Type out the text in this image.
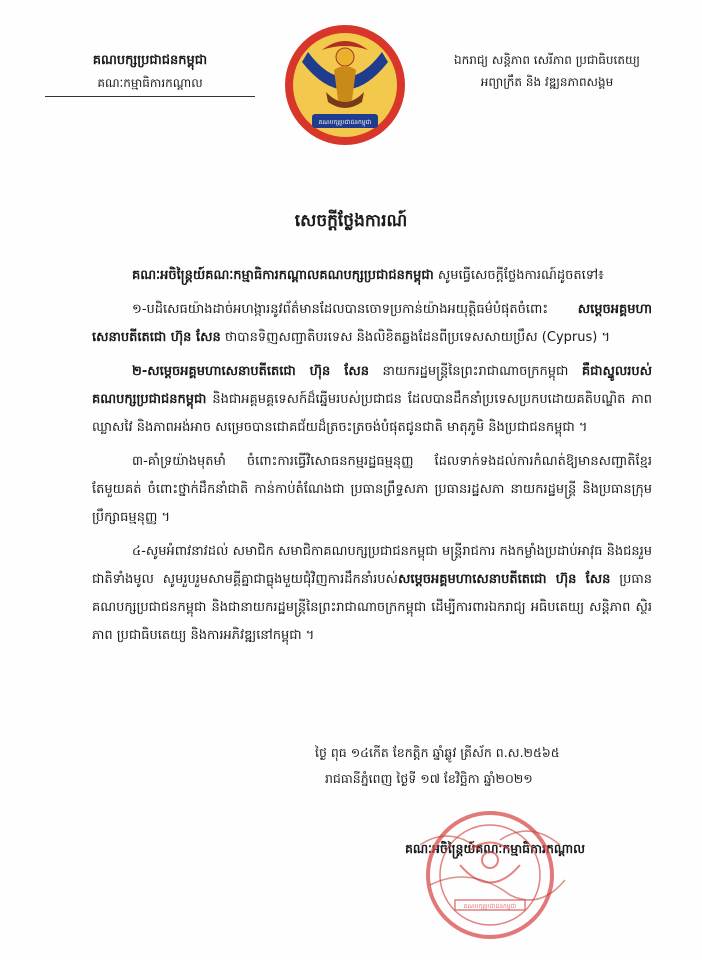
គណបក្សប្រជាជនកម្ពុជា
គណៈកម្មាធិការកណ្តាល
គណបក្សប្រជាជនកម្ពុជា
ឯករាជ្យ សន្តិភាព សេរីភាព ប្រជាធិបតេយ្យ
អព្យាក្រឹត និង វឌ្ឍនភាពសង្គម
សេចក្តីថ្លែងការណ៍

គណៈអចិន្ត្រៃយ៍គណៈកម្មាធិការកណ្តាលគណបក្សប្រជាជនកម្ពុជា សូមធ្វើសេចក្តីថ្លែងការណ៍ដូចតទៅ៖

១-បដិសេធយ៉ាងដាច់អហង្ការនូវព័ត៌មានដែលបានចោទប្រកាន់យ៉ាងអយុត្តិធម៌បំផុតចំពោះ សម្តេចអគ្គមហាសេនាបតីតេជោ ហ៊ុន សែន ថាបានទិញសញ្ជាតិបរទេស និងលិខិតឆ្លងដែនពីប្រទេសសាយប្រឹស (Cyprus) ។

២-សម្តេចអគ្គមហាសេនាបតីតេជោ ហ៊ុន សែន នាយករដ្ឋមន្ត្រីនៃព្រះរាជាណាចក្រកម្ពុជា គឺជាស្នូលរបស់គណបក្សប្រជាជនកម្ពុជា និងជាអគ្គមគ្គទេសក៍ដ៏ឆ្នើមរបស់ប្រជាជន ដែលបានដឹកនាំប្រទេសប្រកបដោយគតិបណ្ឌិត ភាពឈ្លាសវៃ និងភាពអង់អាច សម្រេចបានជោគជ័យដ៏ត្រចះត្រចង់បំផុតជូនជាតិ មាតុភូមិ និងប្រជាជនកម្ពុជា ។

៣-គាំទ្រយ៉ាងមុតមាំ ចំពោះការធ្វើវិសោធនកម្មរដ្ឋធម្មនុញ្ញ ដែលទាក់ទងដល់ការកំណត់ឱ្យមានសញ្ជាតិខ្មែរតែមួយគត់ ចំពោះថ្នាក់ដឹកនាំជាតិ កាន់កាប់តំណែងជា ប្រធានព្រឹទ្ធសភា ប្រធានរដ្ឋសភា នាយករដ្ឋមន្ត្រី និងប្រធានក្រុមប្រឹក្សាធម្មនុញ្ញ ។

៤-សូមអំពាវនាវដល់ សមាជិក សមាជិកាគណបក្សប្រជាជនកម្ពុជា មន្ត្រីរាជការ កងកម្លាំងប្រដាប់អាវុធ និងជនរួមជាតិទាំងមូល សូមរួបរួមសាមគ្គីគ្នាជាធ្លុងមួយជុំវិញការដឹកនាំរបស់សម្តេចអគ្គមហាសេនាបតីតេជោ ហ៊ុន សែន ប្រធានគណបក្សប្រជាជនកម្ពុជា និងជានាយករដ្ឋមន្ត្រីនៃព្រះរាជាណាចក្រកម្ពុជា ដើម្បីការពារឯករាជ្យ អធិបតេយ្យ សន្តិភាព ស្ថិរភាព ប្រជាធិបតេយ្យ និងការអភិវឌ្ឍនៅកម្ពុជា ។

ថ្ងៃ ពុធ ១៤កើត ខែកត្តិក ឆ្នាំឆ្លូវ ត្រីស័ក ព.ស.២៥៦៥
រាជធានីភ្នំពេញ ថ្ងៃទី ១៧ ខែវិច្ឆិកា ឆ្នាំ២០២១
គណៈអចិន្ត្រៃយ៍គណៈកម្មាធិការកណ្តាល
គណបក្សប្រជាជនកម្ពុជា
